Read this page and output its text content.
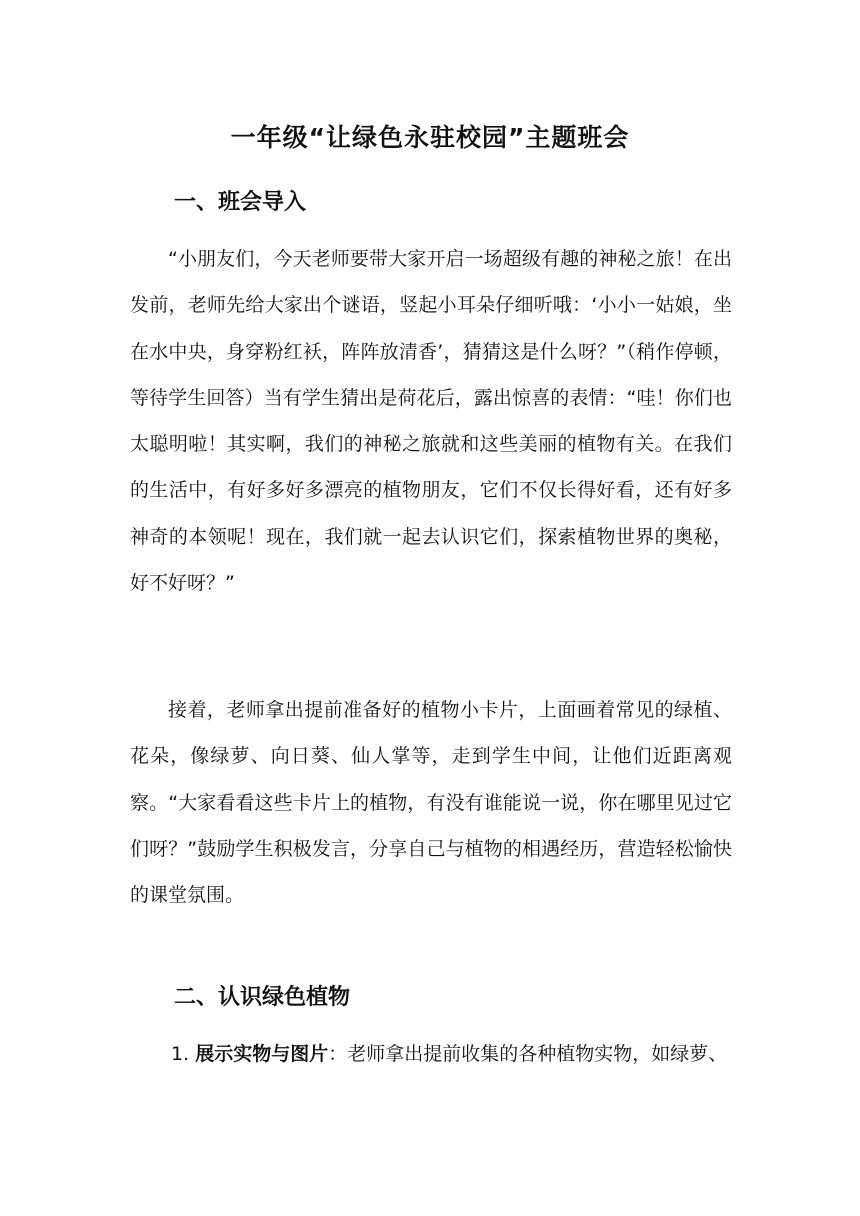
一年级“让绿色永驻校园”主题班会
一、班会导入
“小朋友们，今天老师要带大家开启一场超级有趣的神秘之旅！在出发前，老师先给大家出个谜语，竖起小耳朵仔细听哦：‘小小一姑娘，坐在水中央，身穿粉红袄，阵阵放清香’，猜猜这是什么呀？”（稍作停顿，等待学生回答）当有学生猜出是荷花后，露出惊喜的表情：“哇！你们也太聪明啦！其实啊，我们的神秘之旅就和这些美丽的植物有关。在我们的生活中，有好多好多漂亮的植物朋友，它们不仅长得好看，还有好多神奇的本领呢！现在，我们就一起去认识它们，探索植物世界的奥秘，好不好呀？”
接着，老师拿出提前准备好的植物小卡片，上面画着常见的绿植、花朵，像绿萝、向日葵、仙人掌等，走到学生中间，让他们近距离观察。“大家看看这些卡片上的植物，有没有谁能说一说，你在哪里见过它们呀？”鼓励学生积极发言，分享自己与植物的相遇经历，营造轻松愉快的课堂氛围。
二、认识绿色植物
1. 展示实物与图片：老师拿出提前收集的各种植物实物，如绿萝、
